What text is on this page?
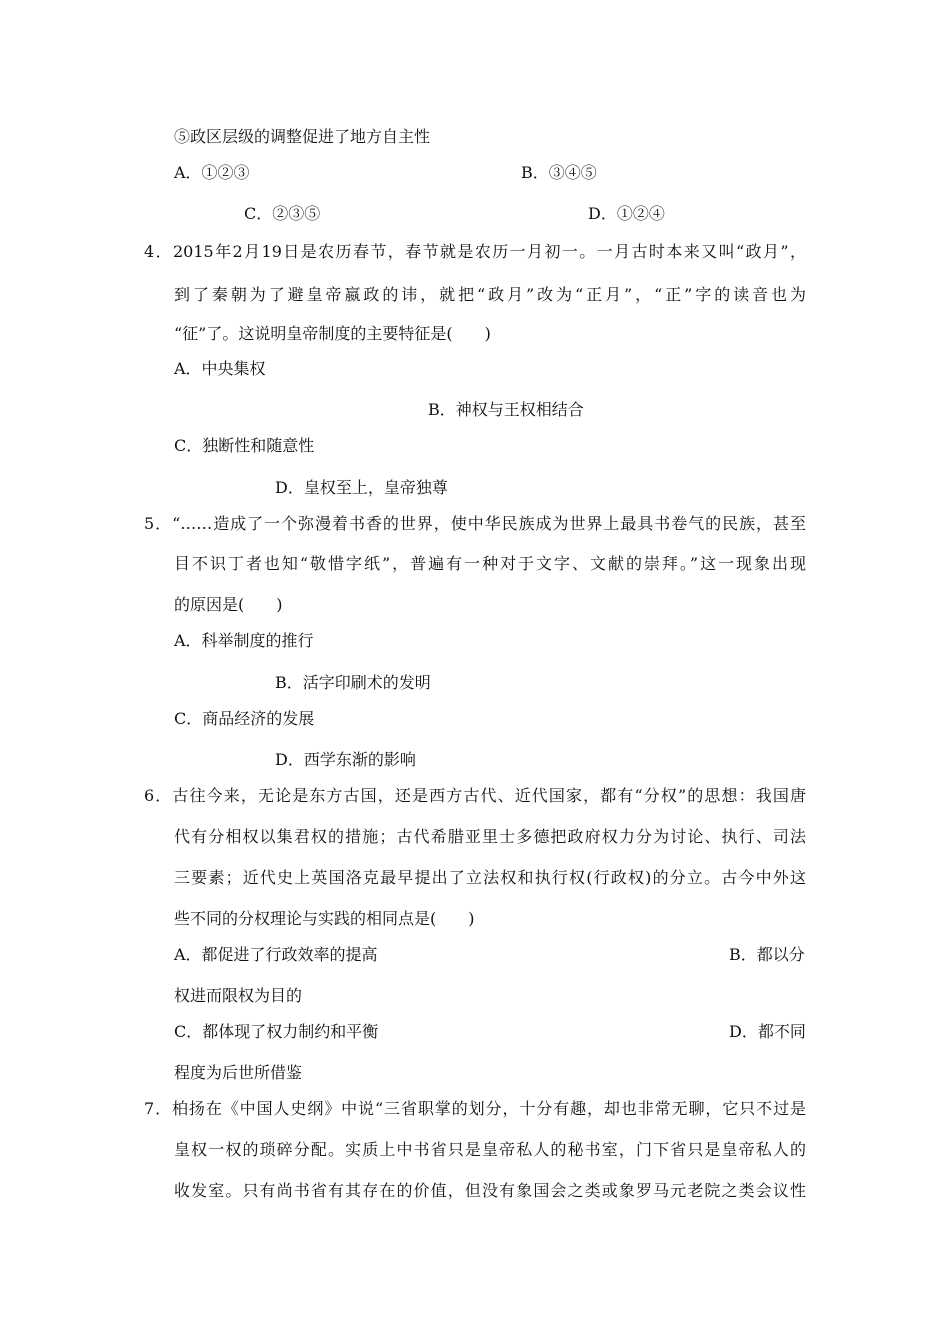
⑤政区层级的调整促进了地方自主性
A．①②③	B．③④⑤
C．②③⑤	D．①②④
4．2015年2月19日是农历春节，春节就是农历一月初一。一月古时本来又叫“政月”，
到了秦朝为了避皇帝嬴政的讳，就把“政月”改为“正月”，“正”字的读音也为
“征”了。这说明皇帝制度的主要特征是(　　)
A．中央集权
B．神权与王权相结合
C．独断性和随意性
D．皇权至上，皇帝独尊
5．“……造成了一个弥漫着书香的世界，使中华民族成为世界上最具书卷气的民族，甚至
目不识丁者也知“敬惜字纸”，普遍有一种对于文字、文献的崇拜。”这一现象出现
的原因是(　　)
A．科举制度的推行
B．活字印刷术的发明
C．商品经济的发展
D．西学东渐的影响
6．古往今来，无论是东方古国，还是西方古代、近代国家，都有“分权”的思想：我国唐
代有分相权以集君权的措施；古代希腊亚里士多德把政府权力分为讨论、执行、司法
三要素；近代史上英国洛克最早提出了立法权和执行权(行政权)的分立。古今中外这
些不同的分权理论与实践的相同点是(　　)
A．都促进了行政效率的提高	B．都以分
权进而限权为目的
C．都体现了权力制约和平衡	D．都不同
程度为后世所借鉴
7．柏扬在《中国人史纲》中说“三省职掌的划分，十分有趣，却也非常无聊，它只不过是
皇权一权的琐碎分配。实质上中书省只是皇帝私人的秘书室，门下省只是皇帝私人的
收发室。只有尚书省有其存在的价值，但没有象国会之类或象罗马元老院之类会议性
